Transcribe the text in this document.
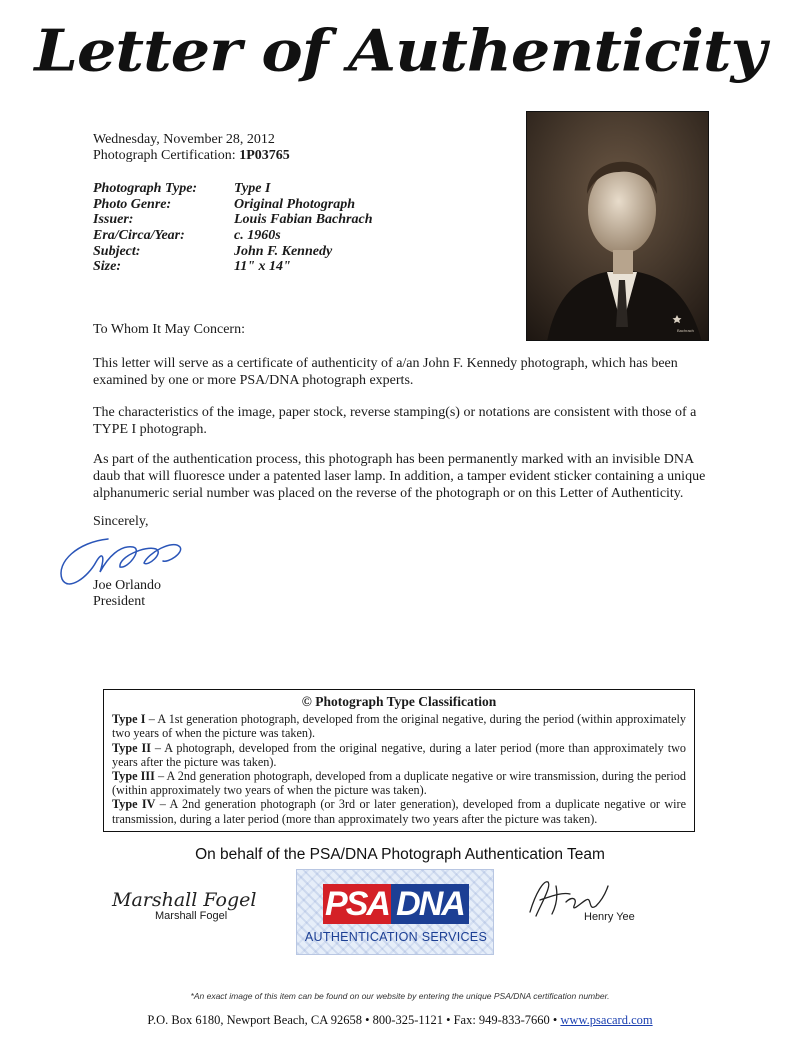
Letter of Authenticity
Wednesday, November 28, 2012
Photograph Certification: 1P03765
Photograph Type:	Type I
Photo Genre:	Original Photograph
Issuer:	Louis Fabian Bachrach
Era/Circa/Year:	c. 1960s
Subject:	John F. Kennedy
Size:	11" x 14"
Bachrach
To Whom It May Concern:
This letter will serve as a certificate of authenticity of a/an John F. Kennedy photograph, which has been examined by one or more PSA/DNA photograph experts.
The characteristics of the image, paper stock, reverse stamping(s) or notations are consistent with those of a TYPE I photograph.
As part of the authentication process, this photograph has been permanently marked with an invisible DNA daub that will fluoresce under a patented laser lamp. In addition, a tamper evident sticker containing a unique alphanumeric serial number was placed on the reverse of the photograph or on this Letter of Authenticity.
Sincerely,
Joe Orlando
President
© Photograph Type Classification
Type I – A 1st generation photograph, developed from the original negative, during the period (within approximately two years of when the picture was taken).
Type II – A photograph, developed from the original negative, during a later period (more than approximately two years after the picture was taken).
Type III – A 2nd generation photograph, developed from a duplicate negative or wire transmission, during the period (within approximately two years of when the picture was taken).
Type IV – A 2nd generation photograph (or 3rd or later generation), developed from a duplicate negative or wire transmission, during a later period (more than approximately two years after the picture was taken).
On behalf of the PSA/DNA Photograph Authentication Team
Marshall Fogel
Marshall Fogel	PSA DNA
AUTHENTICATION SERVICES
Henry Yee
*An exact image of this item can be found on our website by entering the unique PSA/DNA certification number.
P.O. Box 6180, Newport Beach, CA 92658 • 800-325-1121 • Fax: 949-833-7660 • www.psacard.com
